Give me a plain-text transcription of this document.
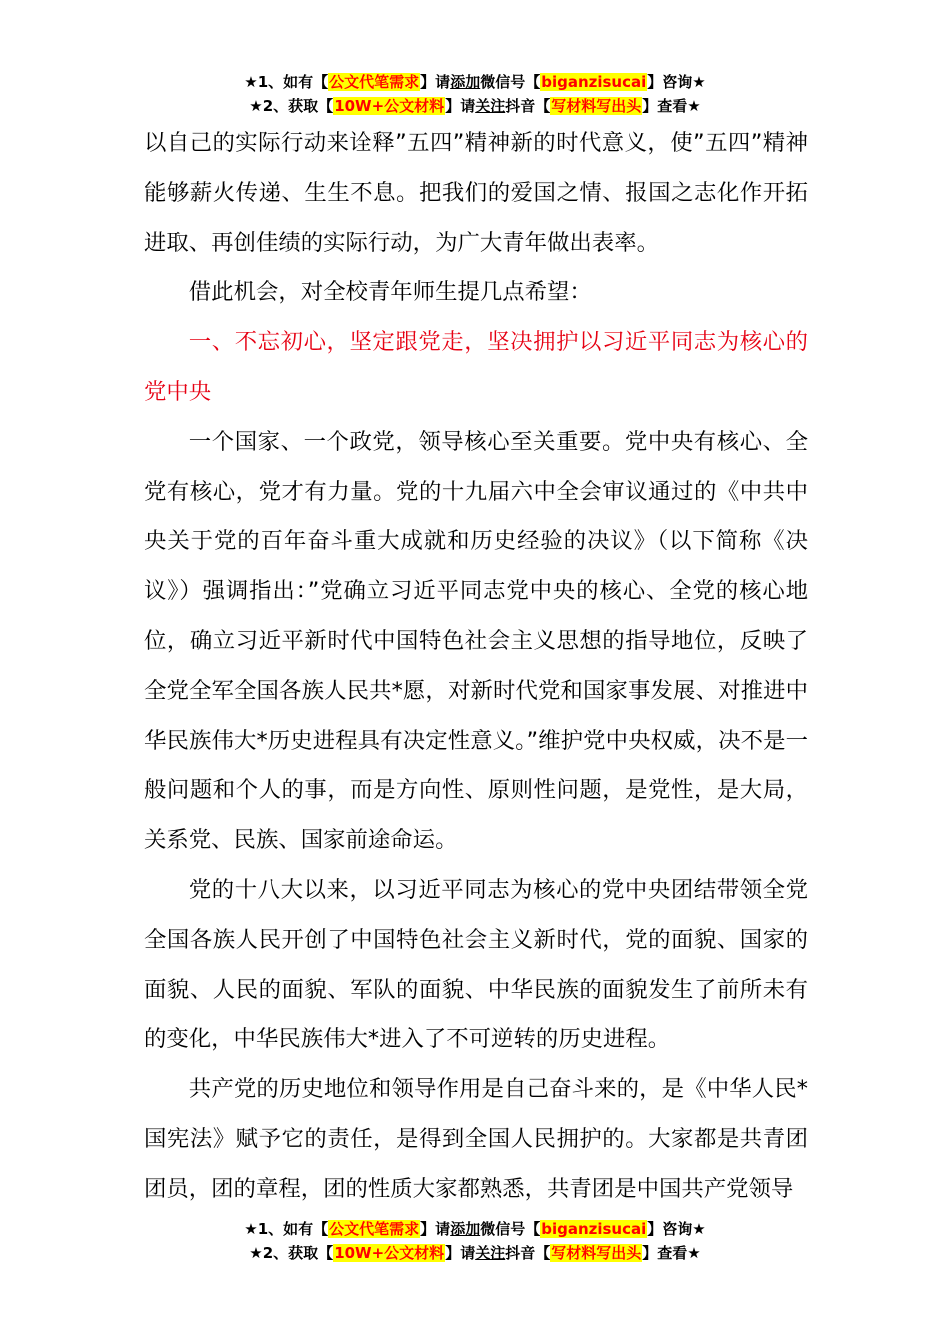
★1、如有【公文代笔需求】请添加微信号【biganzisucai】咨询★
★2、获取【10W+公文材料】请关注抖音【写材料写出头】查看★

以自己的实际行动来诠释”五四”精神新的时代意义，使”五四”精神能够薪火传递、生生不息。把我们的爱国之情、报国之志化作开拓进取、再创佳绩的实际行动，为广大青年做出表率。

借此机会，对全校青年师生提几点希望：

一、不忘初心，坚定跟党走，坚决拥护以习近平同志为核心的党中央

一个国家、一个政党，领导核心至关重要。党中央有核心、全党有核心，党才有力量。党的十九届六中全会审议通过的《中共中央关于党的百年奋斗重大成就和历史经验的决议》（以下简称《决议》）强调指出：”党确立习近平同志党中央的核心、全党的核心地位，确立习近平新时代中国特色社会主义思想的指导地位，反映了全党全军全国各族人民共*愿，对新时代党和国家事发展、对推进中华民族伟大*历史进程具有决定性意义。”维护党中央权威，决不是一般问题和个人的事，而是方向性、原则性问题，是党性，是大局，关系党、民族、国家前途命运。

党的十八大以来，以习近平同志为核心的党中央团结带领全党全国各族人民开创了中国特色社会主义新时代，党的面貌、国家的面貌、人民的面貌、军队的面貌、中华民族的面貌发生了前所未有的变化，中华民族伟大*进入了不可逆转的历史进程。

共产党的历史地位和领导作用是自己奋斗来的，是《中华人民*国宪法》赋予它的责任，是得到全国人民拥护的。大家都是共青团团员，团的章程，团的性质大家都熟悉，共青团是中国共产党领导

★1、如有【公文代笔需求】请添加微信号【biganzisucai】咨询★
★2、获取【10W+公文材料】请关注抖音【写材料写出头】查看★
